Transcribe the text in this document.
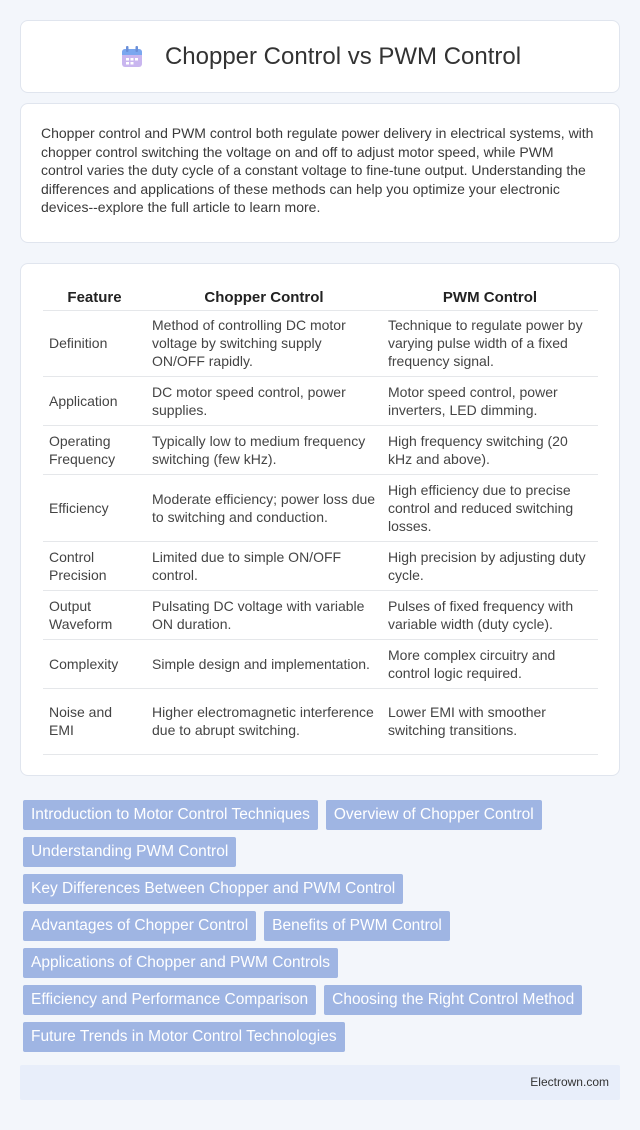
Chopper Control vs PWM Control

Chopper control and PWM control both regulate power delivery in electrical systems, with chopper control switching the voltage on and off to adjust motor speed, while PWM control varies the duty cycle of a constant voltage to fine-tune output. Understanding the differences and applications of these methods can help you optimize your electronic devices--explore the full article to learn more.

Feature	Chopper Control	PWM Control
Definition	Method of controlling DC motor voltage by switching supply ON/OFF rapidly.	Technique to regulate power by varying pulse width of a fixed frequency signal.
Application	DC motor speed control, power supplies.	Motor speed control, power inverters, LED dimming.
Operating Frequency	Typically low to medium frequency switching (few kHz).	High frequency switching (20 kHz and above).
Efficiency	Moderate efficiency; power loss due to switching and conduction.	High efficiency due to precise control and reduced switching losses.
Control Precision	Limited due to simple ON/OFF control.	High precision by adjusting duty cycle.
Output Waveform	Pulsating DC voltage with variable ON duration.	Pulses of fixed frequency with variable width (duty cycle).
Complexity	Simple design and implementation.	More complex circuitry and control logic required.
Noise and EMI	Higher electromagnetic interference due to abrupt switching.	Lower EMI with smoother switching transitions.
Introduction to Motor Control Techniques	Overview of Chopper Control
Understanding PWM Control
Key Differences Between Chopper and PWM Control
Advantages of Chopper Control	Benefits of PWM Control
Applications of Chopper and PWM Controls
Efficiency and Performance Comparison	Choosing the Right Control Method
Future Trends in Motor Control Technologies
Electrown.com
